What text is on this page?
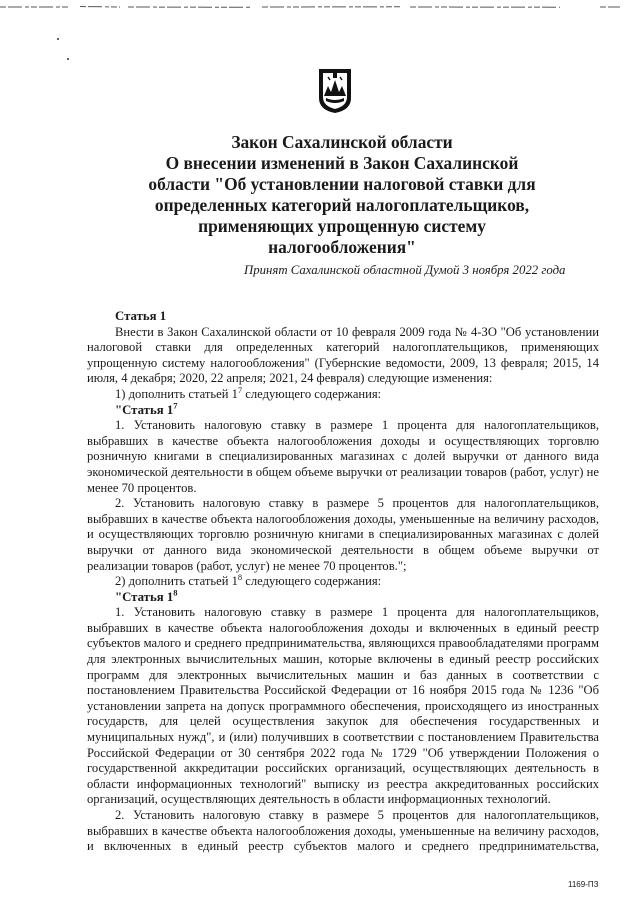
Закон Сахалинской области
О внесении изменений в Закон Сахалинской
области "Об установлении налоговой ставки для
определенных категорий налогоплательщиков,
применяющих упрощенную систему
налогообложения"
Принят Сахалинской областной Думой 3 ноября 2022 года

Статья 1

Внести в Закон Сахалинской области от 10 февраля 2009 года № 4-ЗО "Об установлении налоговой ставки для определенных категорий налогоплательщиков, применяющих упрощенную систему налогообложения" (Губернские ведомости, 2009, 13 февраля; 2015, 14 июля, 4 декабря; 2020, 22 апреля; 2021, 24 февраля) следующие изменения:

1) дополнить статьей $1^7$ следующего содержания:

"Статья $1^7$

1. Установить налоговую ставку в размере 1 процента для налогоплательщиков, выбравших в качестве объекта налогообложения доходы и осуществляющих торговлю розничную книгами в специализированных магазинах с долей выручки от данного вида экономической деятельности в общем объеме выручки от реализации товаров (работ, услуг) не менее 70 процентов.

2. Установить налоговую ставку в размере 5 процентов для налогоплательщиков, выбравших в качестве объекта налогообложения доходы, уменьшенные на величину расходов, и осуществляющих торговлю розничную книгами в специализированных магазинах с долей выручки от данного вида экономической деятельности в общем объеме выручки от реализации товаров (работ, услуг) не менее 70 процентов.";

2) дополнить статьей $1^8$ следующего содержания:

"Статья $1^8$

1. Установить налоговую ставку в размере 1 процента для налогоплательщиков, выбравших в качестве объекта налогообложения доходы и включенных в единый реестр субъектов малого и среднего предпринимательства, являющихся правообладателями программ для электронных вычислительных машин, которые включены в единый реестр российских программ для электронных вычислительных машин и баз данных в соответствии с постановлением Правительства Российской Федерации от 16 ноября 2015 года № 1236 "Об установлении запрета на допуск программного обеспечения, происходящего из иностранных государств, для целей осуществления закупок для обеспечения государственных и муниципальных нужд", и (или) получивших в соответствии с постановлением Правительства Российской Федерации от 30 сентября 2022 года № 1729 "Об утверждении Положения о государственной аккредитации российских организаций, осуществляющих деятельность в области информационных технологий" выписку из реестра аккредитованных российских организаций, осуществляющих деятельность в области информационных технологий.

2. Установить налоговую ставку в размере 5 процентов для налогоплательщиков, выбравших в качестве объекта налогообложения доходы, уменьшенные на величину расходов, и включенных в единый реестр субъектов малого и среднего предпринимательства,

1169-ПЗ
